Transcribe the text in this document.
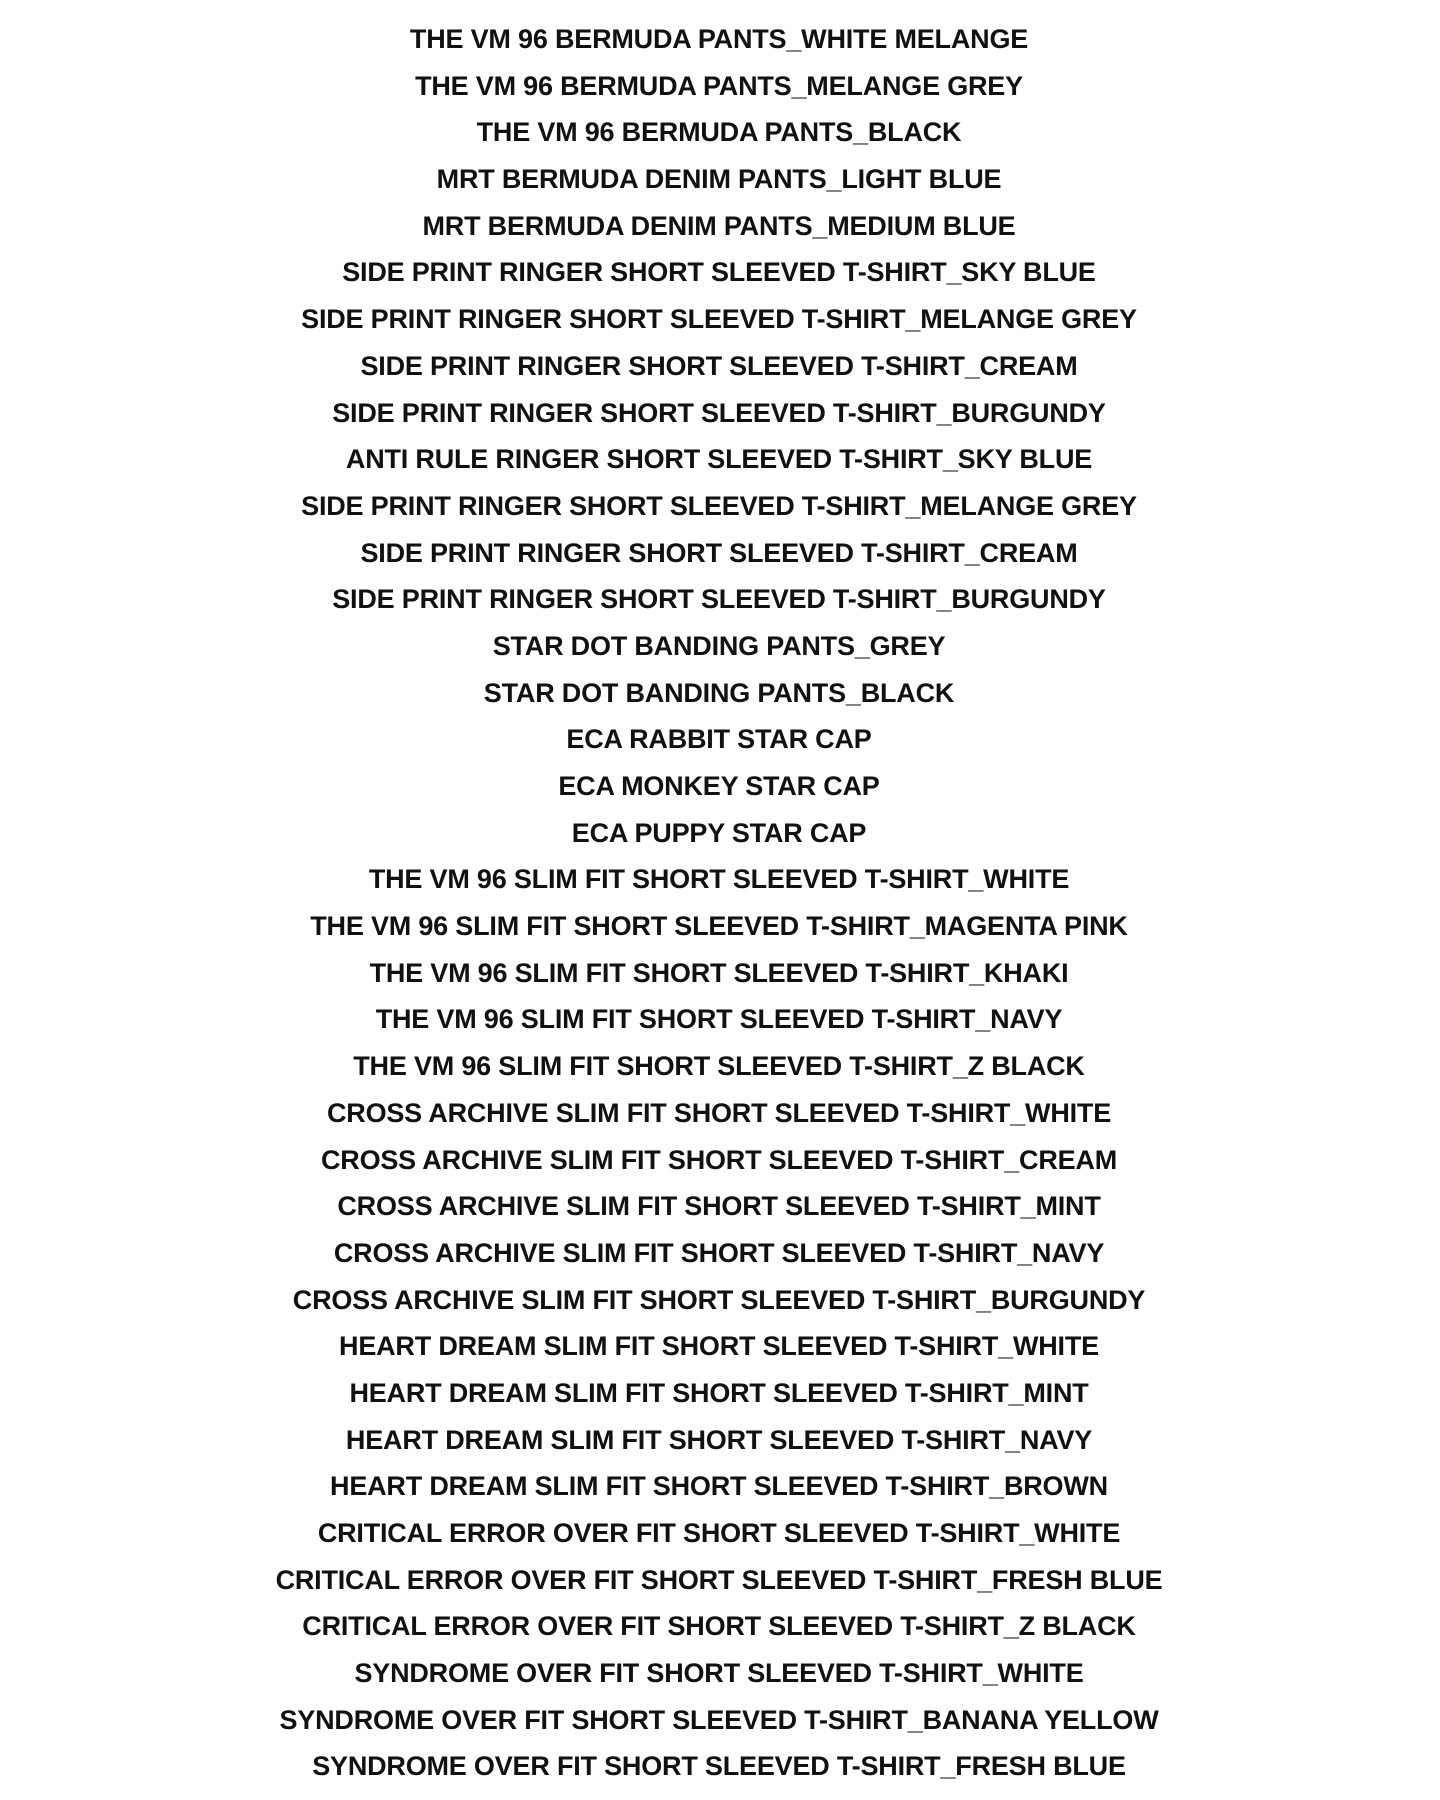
THE VM 96 BERMUDA PANTS_WHITE MELANGE
THE VM 96 BERMUDA PANTS_MELANGE GREY
THE VM 96 BERMUDA PANTS_BLACK
MRT BERMUDA DENIM PANTS_LIGHT BLUE
MRT BERMUDA DENIM PANTS_MEDIUM BLUE
SIDE PRINT RINGER SHORT SLEEVED T-SHIRT_SKY BLUE
SIDE PRINT RINGER SHORT SLEEVED T-SHIRT_MELANGE GREY
SIDE PRINT RINGER SHORT SLEEVED T-SHIRT_CREAM
SIDE PRINT RINGER SHORT SLEEVED T-SHIRT_BURGUNDY
ANTI RULE RINGER SHORT SLEEVED T-SHIRT_SKY BLUE
SIDE PRINT RINGER SHORT SLEEVED T-SHIRT_MELANGE GREY
SIDE PRINT RINGER SHORT SLEEVED T-SHIRT_CREAM
SIDE PRINT RINGER SHORT SLEEVED T-SHIRT_BURGUNDY
STAR DOT BANDING PANTS_GREY
STAR DOT BANDING PANTS_BLACK
ECA RABBIT STAR CAP
ECA MONKEY STAR CAP
ECA PUPPY STAR CAP
THE VM 96 SLIM FIT SHORT SLEEVED T-SHIRT_WHITE
THE VM 96 SLIM FIT SHORT SLEEVED T-SHIRT_MAGENTA PINK
THE VM 96 SLIM FIT SHORT SLEEVED T-SHIRT_KHAKI
THE VM 96 SLIM FIT SHORT SLEEVED T-SHIRT_NAVY
THE VM 96 SLIM FIT SHORT SLEEVED T-SHIRT_Z BLACK
CROSS ARCHIVE SLIM FIT SHORT SLEEVED T-SHIRT_WHITE
CROSS ARCHIVE SLIM FIT SHORT SLEEVED T-SHIRT_CREAM
CROSS ARCHIVE SLIM FIT SHORT SLEEVED T-SHIRT_MINT
CROSS ARCHIVE SLIM FIT SHORT SLEEVED T-SHIRT_NAVY
CROSS ARCHIVE SLIM FIT SHORT SLEEVED T-SHIRT_BURGUNDY
HEART DREAM SLIM FIT SHORT SLEEVED T-SHIRT_WHITE
HEART DREAM SLIM FIT SHORT SLEEVED T-SHIRT_MINT
HEART DREAM SLIM FIT SHORT SLEEVED T-SHIRT_NAVY
HEART DREAM SLIM FIT SHORT SLEEVED T-SHIRT_BROWN
CRITICAL ERROR OVER FIT SHORT SLEEVED T-SHIRT_WHITE
CRITICAL ERROR OVER FIT SHORT SLEEVED T-SHIRT_FRESH BLUE
CRITICAL ERROR OVER FIT SHORT SLEEVED T-SHIRT_Z BLACK
SYNDROME OVER FIT SHORT SLEEVED T-SHIRT_WHITE
SYNDROME OVER FIT SHORT SLEEVED T-SHIRT_BANANA YELLOW
SYNDROME OVER FIT SHORT SLEEVED T-SHIRT_FRESH BLUE
